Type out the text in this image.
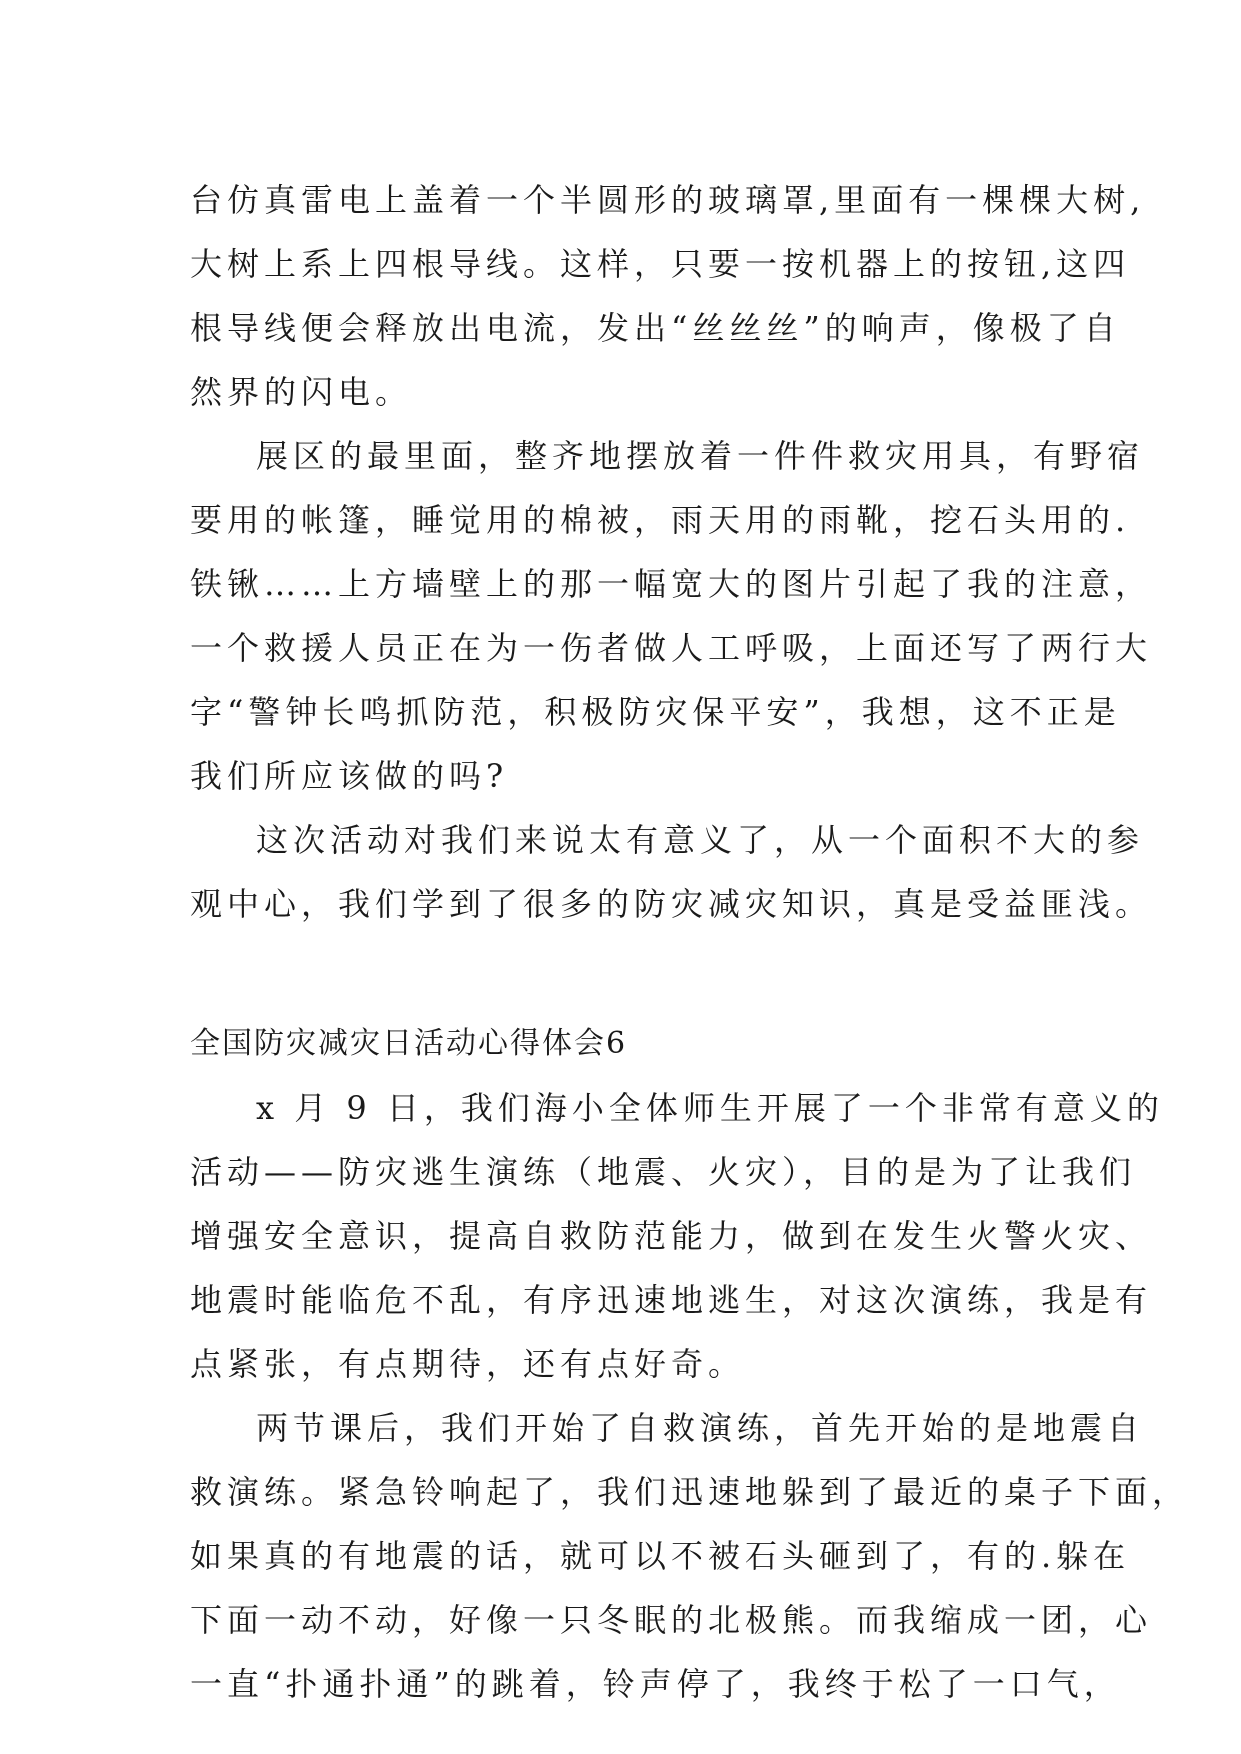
台仿真雷电上盖着一个半圆形的玻璃罩,里面有一棵棵大树,
大树上系上四根导线。这样，只要一按机器上的按钮,这四
根导线便会释放出电流，发出“丝丝丝”的响声，像极了自
然界的闪电。
展区的最里面，整齐地摆放着一件件救灾用具，有野宿
要用的帐篷，睡觉用的棉被，雨天用的雨靴，挖石头用的.
铁锹……上方墙壁上的那一幅宽大的图片引起了我的注意，
一个救援人员正在为一伤者做人工呼吸，上面还写了两行大
字“警钟长鸣抓防范，积极防灾保平安”，我想，这不正是
我们所应该做的吗?
这次活动对我们来说太有意义了，从一个面积不大的参
观中心，我们学到了很多的防灾减灾知识，真是受益匪浅。
全国防灾减灾日活动心得体会6
x 月 9 日，我们海小全体师生开展了一个非常有意义的
活动——防灾逃生演练（地震、火灾），目的是为了让我们
增强安全意识，提高自救防范能力，做到在发生火警火灾、
地震时能临危不乱，有序迅速地逃生，对这次演练，我是有
点紧张，有点期待，还有点好奇。
两节课后，我们开始了自救演练，首先开始的是地震自
救演练。紧急铃响起了，我们迅速地躲到了最近的桌子下面，
如果真的有地震的话，就可以不被石头砸到了，有的.躲在
下面一动不动，好像一只冬眠的北极熊。而我缩成一团，心
一直“扑通扑通”的跳着，铃声停了，我终于松了一口气，
